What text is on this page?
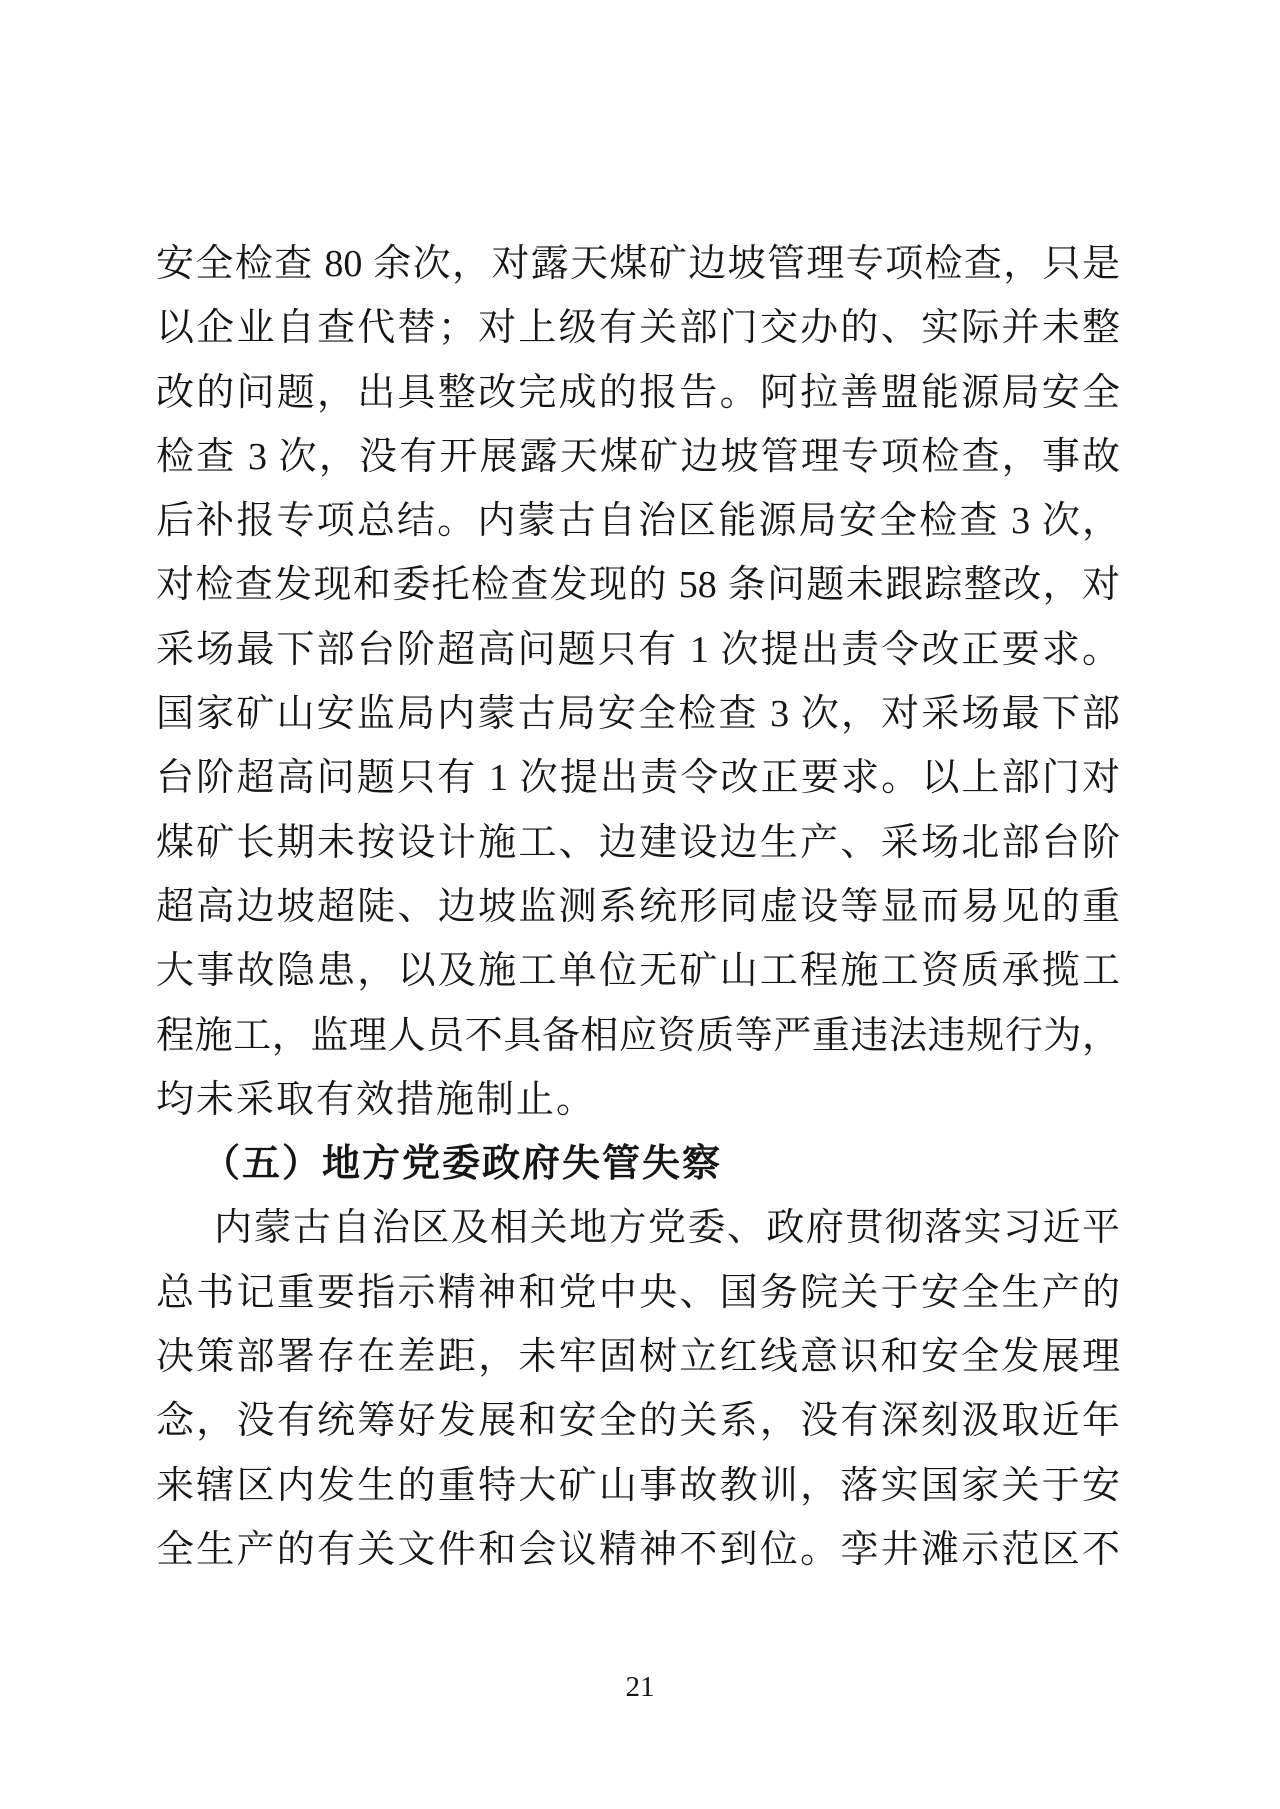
安全检查 80 余次，对露天煤矿边坡管理专项检查，只是
以企业自查代替；对上级有关部门交办的、实际并未整
改的问题，出具整改完成的报告。阿拉善盟能源局安全
检查 3 次，没有开展露天煤矿边坡管理专项检查，事故
后补报专项总结。内蒙古自治区能源局安全检查 3 次，
对检查发现和委托检查发现的 58 条问题未跟踪整改，对
采场最下部台阶超高问题只有 1 次提出责令改正要求。
国家矿山安监局内蒙古局安全检查 3 次，对采场最下部
台阶超高问题只有 1 次提出责令改正要求。以上部门对
煤矿长期未按设计施工、边建设边生产、采场北部台阶
超高边坡超陡、边坡监测系统形同虚设等显而易见的重
大事故隐患，以及施工单位无矿山工程施工资质承揽工
程施工，监理人员不具备相应资质等严重违法违规行为，
均未采取有效措施制止。
（五）地方党委政府失管失察
内蒙古自治区及相关地方党委、政府贯彻落实习近平
总书记重要指示精神和党中央、国务院关于安全生产的
决策部署存在差距，未牢固树立红线意识和安全发展理
念，没有统筹好发展和安全的关系，没有深刻汲取近年
来辖区内发生的重特大矿山事故教训，落实国家关于安
全生产的有关文件和会议精神不到位。孪井滩示范区不
21
